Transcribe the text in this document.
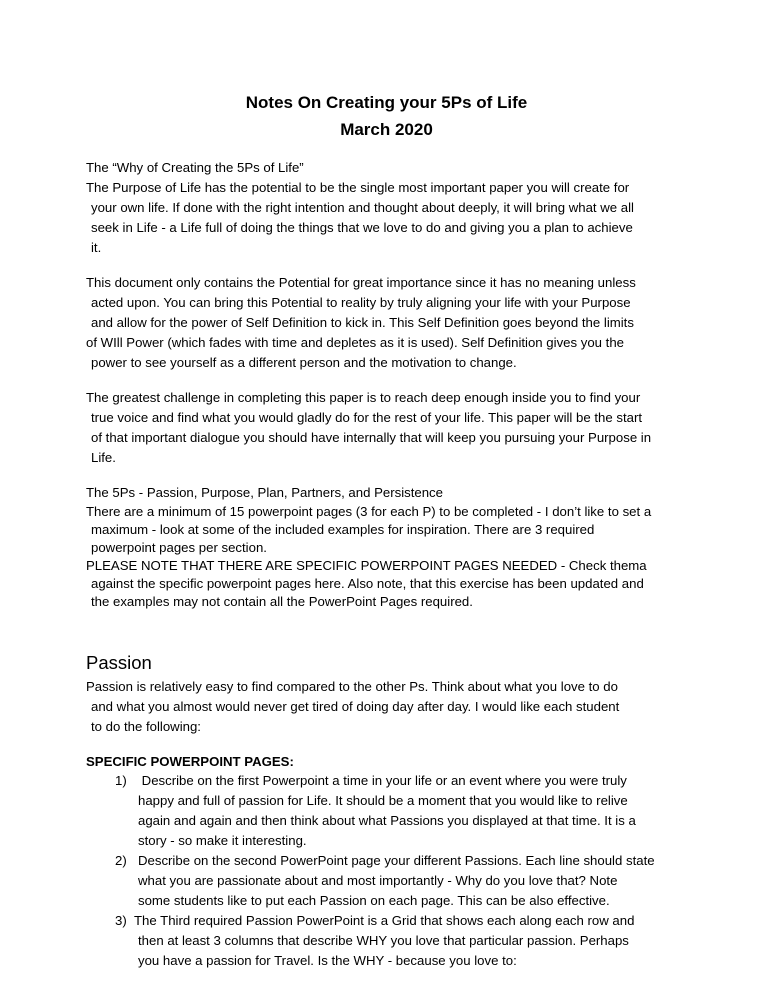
Notes On Creating your 5Ps of Life
March 2020
The “Why of Creating the 5Ps of Life”
The Purpose of Life has the potential to be the single most important paper you will create for
your own life. If done with the right intention and thought about deeply, it will bring what we all
seek in Life - a Life full of doing the things that we love to do and giving you a plan to achieve
it.
This document only contains the Potential for great importance since it has no meaning unless
acted upon. You can bring this Potential to reality by truly aligning your life with your Purpose
and allow for the power of Self Definition to kick in. This Self Definition goes beyond the limits
of WIll Power (which fades with time and depletes as it is used). Self Definition gives you the
power to see yourself as a different person and the motivation to change.
The greatest challenge in completing this paper is to reach deep enough inside you to find your
true voice and find what you would gladly do for the rest of your life. This paper will be the start
of that important dialogue you should have internally that will keep you pursuing your Purpose in
Life.
The 5Ps - Passion, Purpose, Plan, Partners, and Persistence
There are a minimum of 15 powerpoint pages (3 for each P) to be completed - I don’t like to set a
maximum - look at some of the included examples for inspiration. There are 3 required
powerpoint pages per section.
PLEASE NOTE THAT THERE ARE SPECIFIC POWERPOINT PAGES NEEDED - Check thema
against the specific powerpoint pages here. Also note, that this exercise has been updated and
the examples may not contain all the PowerPoint Pages required.
Passion
Passion is relatively easy to find compared to the other Ps. Think about what you love to do
and what you almost would never get tired of doing day after day. I would like each student
to do the following:
SPECIFIC POWERPOINT PAGES:
1) Describe on the first Powerpoint a time in your life or an event where you were truly
happy and full of passion for Life. It should be a moment that you would like to relive
again and again and then think about what Passions you displayed at that time. It is a
story - so make it interesting.
2) Describe on the second PowerPoint page your different Passions. Each line should state
what you are passionate about and most importantly - Why do you love that? Note
some students like to put each Passion on each page. This can be also effective.
3) The Third required Passion PowerPoint is a Grid that shows each along each row and
then at least 3 columns that describe WHY you love that particular passion. Perhaps
you have a passion for Travel. Is the WHY - because you love to:
